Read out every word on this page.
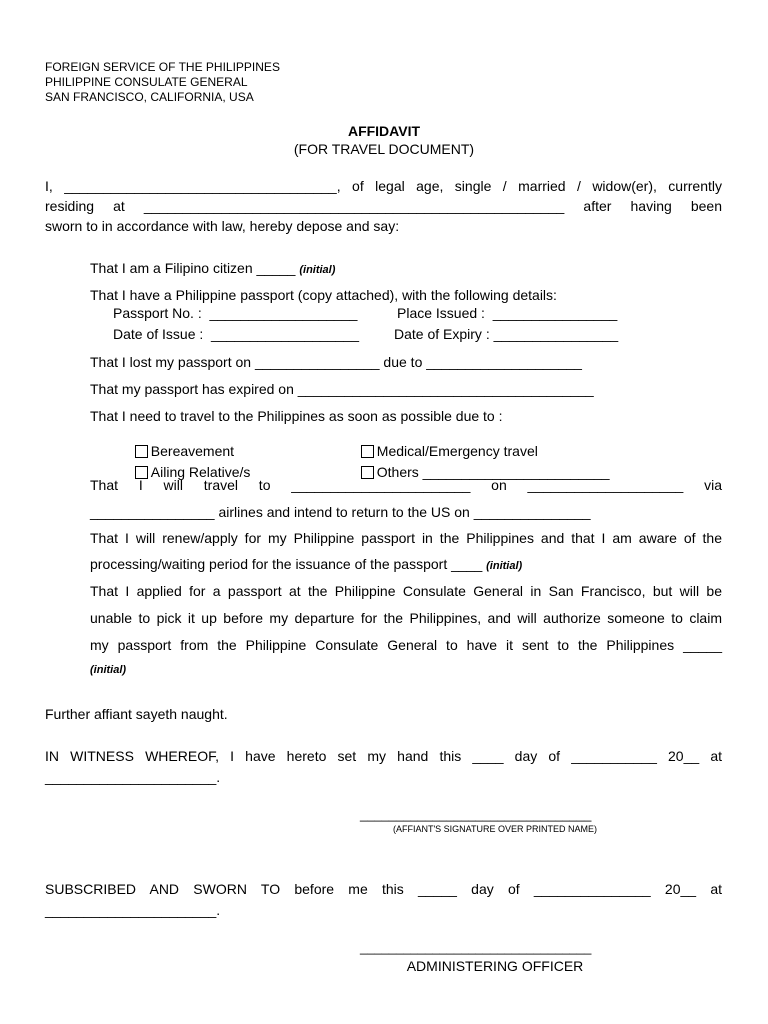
FOREIGN SERVICE OF THE PHILIPPINES
PHILIPPINE CONSULATE GENERAL
SAN FRANCISCO, CALIFORNIA, USA
AFFIDAVIT
(FOR TRAVEL DOCUMENT)
I, ___________________________________, of legal age, single / married / widow(er), currently
residing at ______________________________________________________ after having been
sworn to in accordance with law, hereby depose and say:
That I am a Filipino citizen _____ (initial)
That I have a Philippine passport (copy attached), with the following details:
Passport No. :  ___________________	Place Issued :  ________________
Date of Issue :  ___________________	Date of Expiry : ________________
That I lost my passport on ________________ due to ____________________
That my passport has expired on ______________________________________
That I need to travel to the Philippines as soon as possible due to :

Bereavement	Medical/Emergency travel

Ailing Relative/s	Others ________________________

That I will travel to _______________________ on ____________________ via
________________ airlines and intend to return to the US on _______________
That I will renew/apply for my Philippine passport in the Philippines and that I am aware of the
processing/waiting period for the issuance of the passport ____ (initial)
That I applied for a passport at the Philippine Consulate General in San Francisco, but will be
unable to pick it up before my departure for the Philippines, and will authorize someone to claim
my passport from the Philippine Consulate General to have it sent to the Philippines _____
(initial)
Further affiant sayeth naught.
IN WITNESS WHEREOF, I have hereto set my hand this ____ day of ___________ 20__ at
______________________.
________________________________
(AFFIANT'S SIGNATURE OVER PRINTED NAME)
SUBSCRIBED AND SWORN TO before me this _____ day of _______________ 20__ at
______________________.
________________________________
ADMINISTERING OFFICER
